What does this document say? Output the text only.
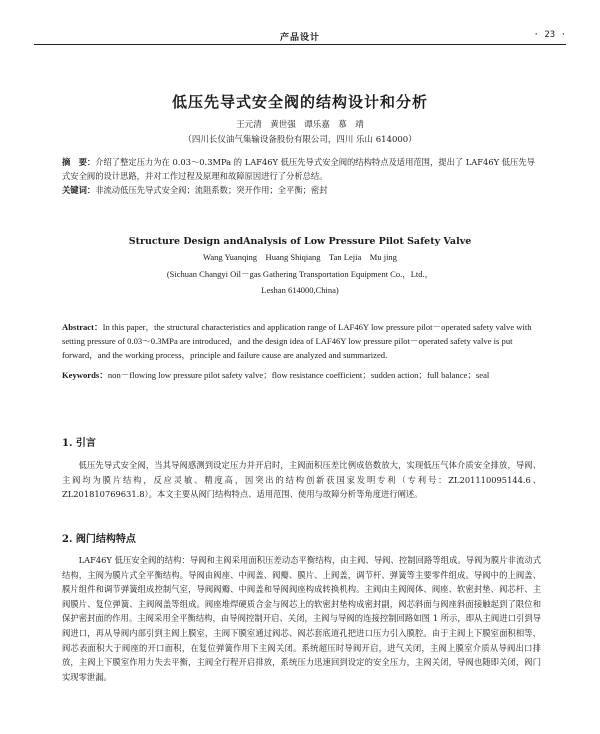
产品设计	· 23 ·
低压先导式安全阀的结构设计和分析
王元清　黄世强　谭乐嘉　慕　靖
（四川长仪油气集输设备股份有限公司，四川 乐山 614000）

摘　要：介绍了整定压力为在 0.03～0.3MPa 的 LAF46Y 低压先导式安全阀的结构特点及适用范围，提出了 LAF46Y 低压先导式安全阀的设计思路，并对工作过程及原理和故障原因进行了分析总结。

关键词：非流动低压先导式安全阀；流阻系数；突开作用；全平衡；密封

Structure Design andAnalysis of Low Pressure Pilot Safety Valve
Wang Yuanqing　Huang Shiqiang　Tan Lejia　Mu jing
(Sichuan Changyi Oil－gas Gathering Transportation Equipment Co.，Ltd.，
Leshan 614000,China)

Abstract：In this paper，the structural characteristics and application range of LAF46Y low pressure pilot－operated safety valve with setting pressure of 0.03～0.3MPa are introduced，and the design idea of LAF46Y low pressure pilot－operated safety valve is put forward，and the working process，principle and failure cause are analyzed and summarized.

Keywords：non－flowing low pressure pilot safety valve；flow resistance coefficient；sudden action；full balance；seal

1. 引言

低压先导式安全阀，当其导阀感测到设定压力并开启时，主阀面积压差比例成倍数放大，实现低压气体介质安全排放，导阀、主阀均为膜片结构，反应灵敏、精度高，因突出的结构创新获国家发明专利（专利号：ZL201110095144.6、ZL201810769631.8）。本文主要从阀门结构特点、适用范围、使用与故障分析等角度进行阐述。

2. 阀门结构特点

LAF46Y 低压安全阀的结构：导阀和主阀采用面积压差动态平衡结构，由主阀、导阀、控制回路等组成。导阀为膜片非流动式结构，主阀为膜片式全平衡结构。导阀由阀座、中阀盖、阀瓣、膜片、上阀盖，调节杆、弹簧等主要零件组成。导阀中的上阀盖、膜片组件和调节弹簧组成控制气室，导阀阀瓣、中阀盖和导阀阀座构成转换机构。主阀由主阀阀体、阀座、软密封垫、阀芯杆、主阀膜片、复位弹簧、主阀阀盖等组成。阀座堆焊硬质合金与阀芯上的软密封垫构成密封副，阀芯斜面与阀座斜面接触起到了限位和保护密封面的作用。主阀采用全平衡结构，由导阀控制开启、关闭，主阀与导阀的连接控制回路如图 1 所示，即从主阀进口引到导阀进口，再从导阀内部引到主阀上膜室，主阀下膜室通过阀芯、阀芯套底道孔把进口压力引入膜腔。由于主阀上下膜室面积相等，阀芯表面积大于阀座的开口面积，在复位弹簧作用下主阀关闭。系统超压时导阀开启，进气关闭，主阀上膜室介质从导阀出口排放，主阀上下膜室作用力失去平衡，主阀全行程开启排放，系统压力迅速回到设定的安全压力，主阀关闭，导阀也随即关闭，阀门实现零泄漏。
